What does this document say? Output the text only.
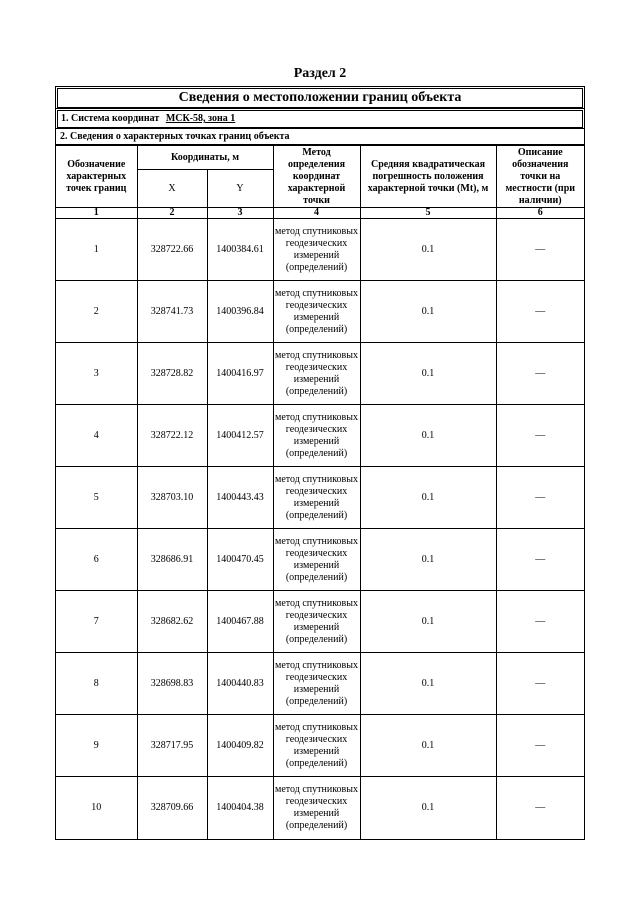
Раздел 2
Сведения о местоположении границ объекта
1. Система координат МСК-58, зона 1
2. Сведения о характерных точках границ объекта
Обозначение характерных точек границ	Координаты, м		Метод определения координат характерной точки	Средняя квадратическая погрешность положения характерной точки (Mt), м	Описание обозначения точки на местности (при наличии)
	X	Y			
1	2	3	4	5	6
1	328722.66	1400384.61	метод спутниковых геодезических измерений (определений)	0.1	—
2	328741.73	1400396.84	метод спутниковых геодезических измерений (определений)	0.1	—
3	328728.82	1400416.97	метод спутниковых геодезических измерений (определений)	0.1	—
4	328722.12	1400412.57	метод спутниковых геодезических измерений (определений)	0.1	—
5	328703.10	1400443.43	метод спутниковых геодезических измерений (определений)	0.1	—
6	328686.91	1400470.45	метод спутниковых геодезических измерений (определений)	0.1	—
7	328682.62	1400467.88	метод спутниковых геодезических измерений (определений)	0.1	—
8	328698.83	1400440.83	метод спутниковых геодезических измерений (определений)	0.1	—
9	328717.95	1400409.82	метод спутниковых геодезических измерений (определений)	0.1	—
10	328709.66	1400404.38	метод спутниковых геодезических измерений (определений)	0.1	—
